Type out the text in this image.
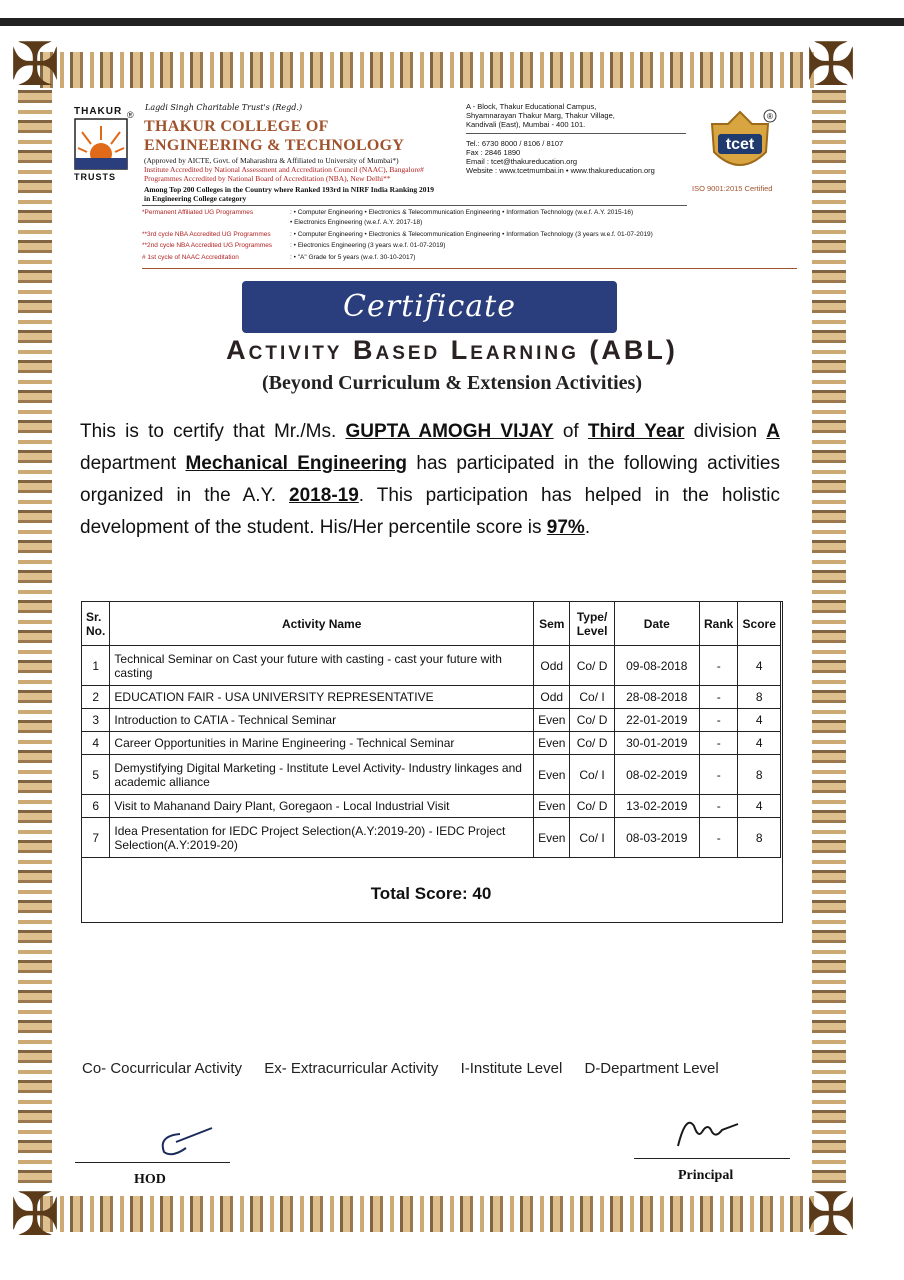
✠	✠
✠	✠
THAKUR
TRUSTS
®
Lagdi Singh Charitable Trust's (Regd.)
THAKUR COLLEGE OF
ENGINEERING & TECHNOLOGY
(Approved by AICTE, Govt. of Maharashtra & Affiliated to University of Mumbai*)
Institute Accredited by National Assessment and Accreditation Council (NAAC), Bangalore#
Programmes Accredited by National Board of Accreditation (NBA), New Delhi**
Among Top 200 Colleges in the Country where Ranked 193rd in NIRF India Ranking 2019
in Engineering College category
A - Block, Thakur Educational Campus,
Shyamnarayan Thakur Marg, Thakur Village,
Kandivali (East), Mumbai - 400 101.
Tel.: 6730 8000 / 8106 / 8107
Fax : 2846 1890
Email : tcet@thakureducation.org
Website : www.tcetmumbai.in • www.thakureducation.org
tcet
®
ISO 9001:2015 Certified
*Permanent Affiliated UG Programmes	: • Computer Engineering • Electronics & Telecommunication Engineering • Information Technology (w.e.f. A.Y. 2015-16)
• Electronics Engineering (w.e.f. A.Y. 2017-18)
**3rd cycle NBA Accredited UG Programmes	: • Computer Engineering • Electronics & Telecommunication Engineering • Information Technology (3 years w.e.f. 01-07-2019)
**2nd cycle NBA Accredited UG Programmes	: • Electronics Engineering (3 years w.e.f. 01-07-2019)
# 1st cycle of NAAC Accreditation	: • "A" Grade for 5 years (w.e.f. 30-10-2017)
Certificate
Activity Based Learning (ABL)
(Beyond Curriculum & Extension Activities)
This is to certify that Mr./Ms. GUPTA AMOGH VIJAY of Third Year division A department Mechanical Engineering has participated in the following activities organized in the A.Y. 2018-19. This participation has helped in the holistic development of the student. His/Her percentile score is 97%.
Sr. No.	Activity Name	Sem	Type/ Level	Date	Rank	Score
1	Technical Seminar on Cast your future with casting - cast your future with casting	Odd	Co/ D	09-08-2018	-	4
2	EDUCATION FAIR - USA UNIVERSITY REPRESENTATIVE	Odd	Co/ I	28-08-2018	-	8
3	Introduction to CATIA - Technical Seminar	Even	Co/ D	22-01-2019	-	4
4	Career Opportunities in Marine Engineering - Technical Seminar	Even	Co/ D	30-01-2019	-	4
5	Demystifying Digital Marketing - Institute Level Activity- Industry linkages and academic alliance	Even	Co/ I	08-02-2019	-	8
6	Visit to Mahanand Dairy Plant, Goregaon - Local Industrial Visit	Even	Co/ D	13-02-2019	-	4
7	Idea Presentation for IEDC Project Selection(A.Y:2019-20) - IEDC Project Selection(A.Y:2019-20)	Even	Co/ I	08-03-2019	-	8
Total Score: 40
Co- Cocurricular Activity Ex- Extracurricular Activity I-Institute Level D-Department Level
HOD	Principal
